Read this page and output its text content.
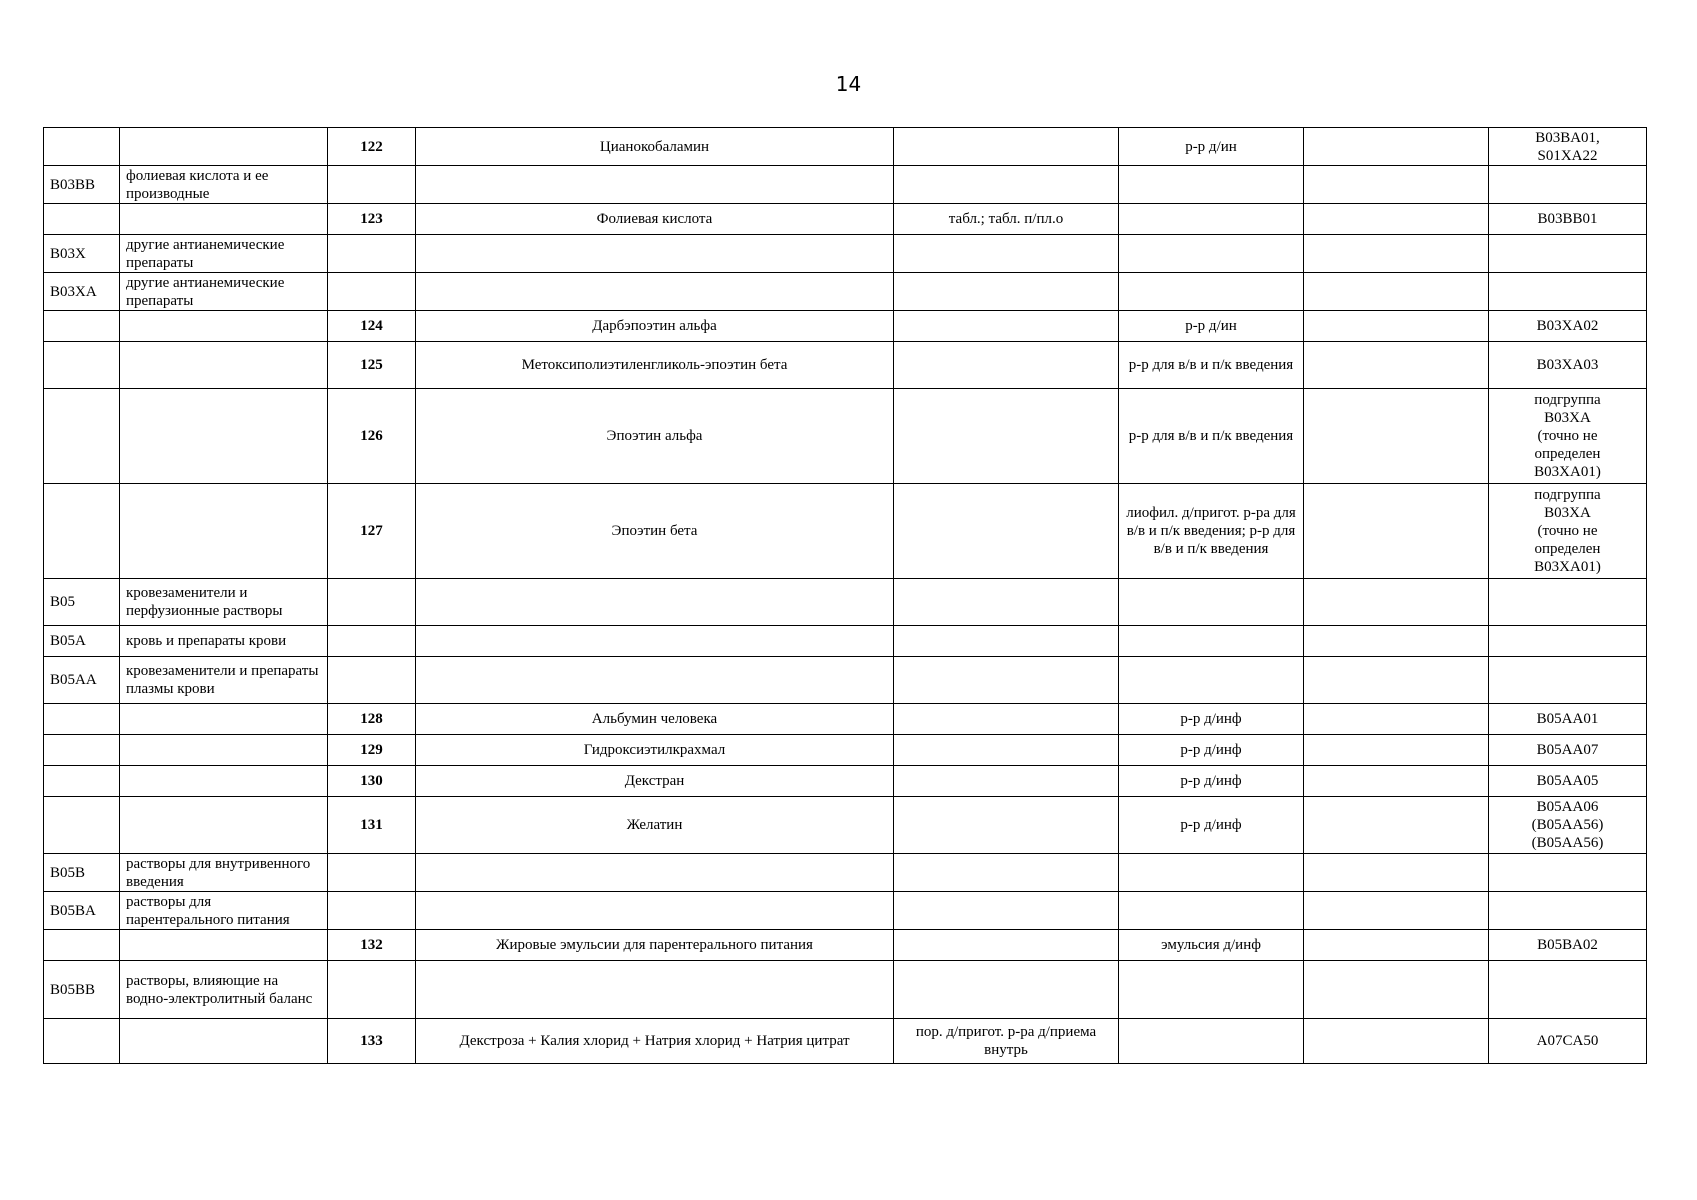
14
		122	Цианокобаламин		р-р д/ин		B03BA01,
S01XA22

B03BB	фолиевая кислота и ее производные						
		123	Фолиевая кислота	табл.; табл. п/пл.о			B03BB01

B03X	другие антианемические препараты						
B03XA	другие антианемические препараты						
		124	Дарбэпоэтин альфа		р-р д/ин		B03XA02

		125	Метоксиполиэтиленгликоль-эпоэтин бета		р-р для в/в и п/к введения		B03XA03

		126	Эпоэтин альфа		р-р для в/в и п/к введения		подгруппа
B03XA
(точно не
определен
B03XA01)

		127	Эпоэтин бета		лиофил. д/пригот. р-ра для в/в и п/к введения; р-р для в/в и п/к введения		подгруппа
B03XA
(точно не
определен
B03XA01)

B05	кровезаменители и перфузионные растворы						
B05A	кровь и препараты крови						
B05AA	кровезаменители и препараты плазмы крови						
		128	Альбумин человека		р-р д/инф		B05AA01

		129	Гидроксиэтилкрахмал		р-р д/инф		B05AA07

		130	Декстран		р-р д/инф		B05AA05

		131	Желатин		р-р д/инф		B05AA06
(B05AA56)
(B05AA56)

B05B	растворы для внутривенного введения						
B05BA	растворы для парентерального питания						
		132	Жировые эмульсии для парентерального питания		эмульсия д/инф		B05BA02

B05BB	растворы, влияющие на водно-электролитный баланс						
		133	Декстроза + Калия хлорид + Натрия хлорид + Натрия цитрат	пор. д/пригот. р-ра д/приема внутрь			A07CA50
